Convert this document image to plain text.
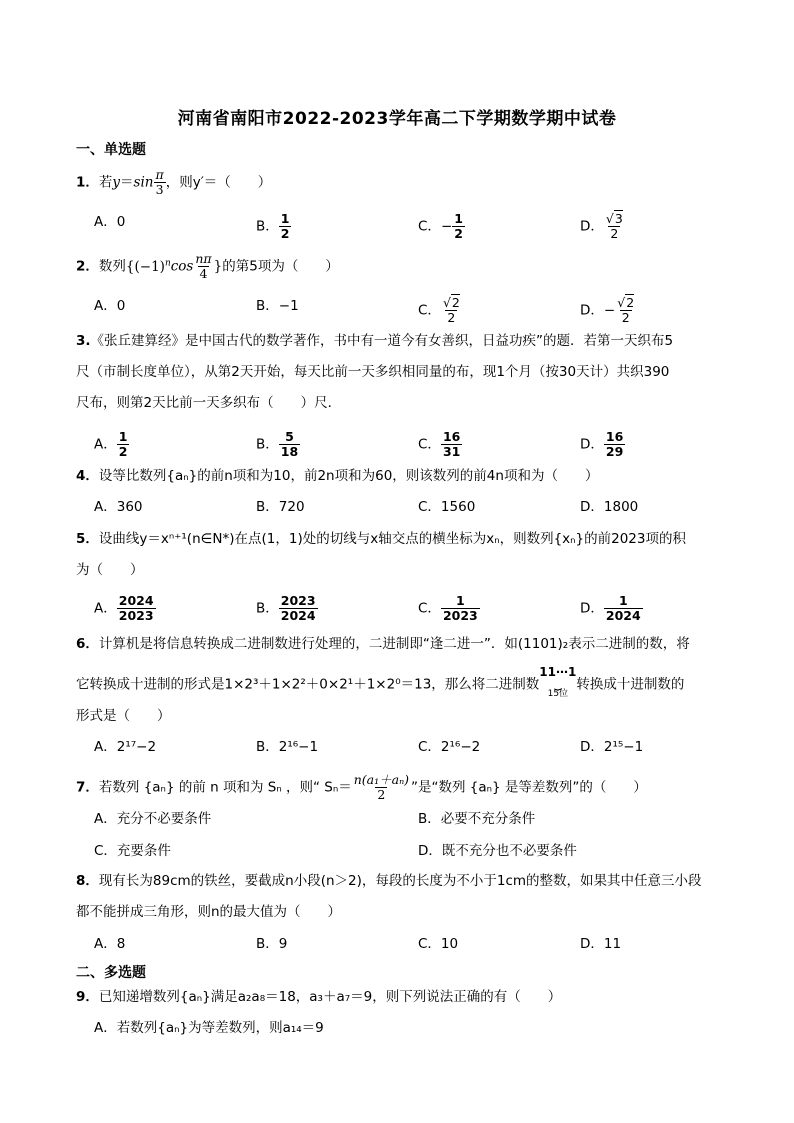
河南省南阳市2022-2023学年高二下学期数学期中试卷
一、单选题
1．若$y=\sin \frac{\pi}{3}$ ，则y′＝（　　）
A．0	B． $\frac{1}{2}$	C．− $\frac{1}{2}$	D． $\frac{√3}{2}$
2．数列{$(-1)^n\cos \frac{n\pi}{4}$ }的第5项为（　　）
A．0	B．−1	C． $\frac{√2}{2}$	D．− $\frac{√2}{2}$
3.《张丘建算经》是中国古代的数学著作，书中有一道今有女善织，日益功疾”的题．若第一天织布5
尺（市制长度单位），从第2天开始，每天比前一天多织相同量的布，现1个月（按30天计）共织390
尺布，则第2天比前一天多织布（　　）尺．
A． $\frac{1}{2}$	B． $\frac{5}{18}$	C． $\frac{16}{31}$	D． $\frac{16}{29}$
4．设等比数列{aₙ}的前n项和为10，前2n项和为60，则该数列的前4n项和为（　　）
A．360	B．720	C．1560	D．1800
5．设曲线y＝xⁿ⁺¹(n∈N*)在点(1，1)处的切线与x轴交点的横坐标为xₙ，则数列{xₙ}的前2023项的积
为（　　）
A． $\frac{2024}{2023}$	B． $\frac{2023}{2024}$	C． $\frac{1}{2023}$	D． $\frac{1}{2024}$
6．计算机是将信息转换成二进制数进行处理的，二进制即“逢二进一”．如(1101)₂表示二进制的数，将
它转换成十进制的形式是1×2³＋1×2²＋0×2¹＋1×2⁰＝13，那么将二进制数
11⋯1
⏟
15位
转换成十进制数的
形式是（　　）
A．2¹⁷−2	B．2¹⁶−1	C．2¹⁶−2	D．2¹⁵−1
7．若数列 {aₙ} 的前 n 项和为 Sₙ ，则“ $S_n= \frac{\text{n(a₁＋aₙ)}}{2}$ ”是“数列 {aₙ} 是等差数列”的（　　）
A．充分不必要条件	B．必要不充分条件
C．充要条件	D．既不充分也不必要条件
8．现有长为89cm的铁丝，要截成n小段(n＞2)，每段的长度为不小于1cm的整数，如果其中任意三小段
都不能拼成三角形，则n的最大值为（　　）
A．8	B．9	C．10	D．11
二、多选题
9．已知递增数列{aₙ}满足a₂a₈＝18，a₃＋a₇＝9，则下列说法正确的有（　　）
A．若数列{aₙ}为等差数列，则a₁₄＝9
